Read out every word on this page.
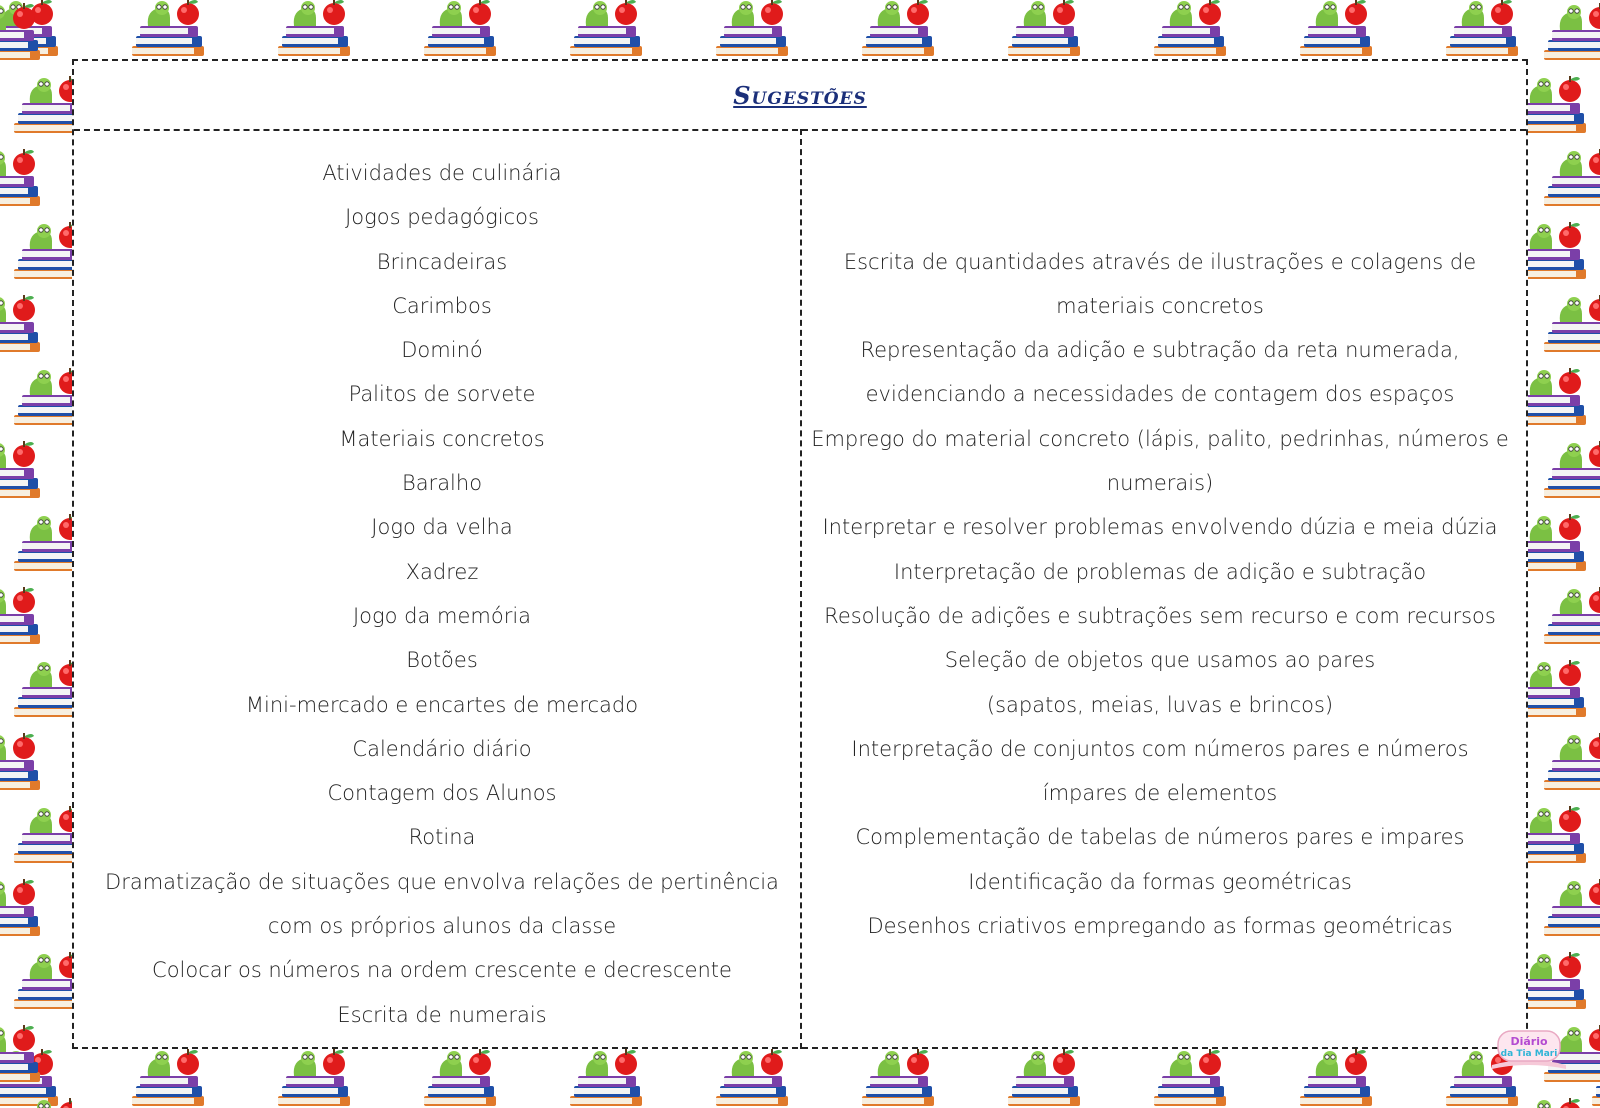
Sugestões
Atividades de culinária
Jogos pedagógicos
Brincadeiras
Carimbos
Dominó
Palitos de sorvete
Materiais concretos
Baralho
Jogo da velha
Xadrez
Jogo da memória
Botões
Mini-mercado e encartes de mercado
Calendário diário
Contagem dos Alunos
Rotina
Dramatização de situações que envolva relações de pertinência
com os próprios alunos da classe
Colocar os números na ordem crescente e decrescente
Escrita de numerais
Escrita de quantidades através de ilustrações e colagens de
materiais concretos
Representação da adição e subtração da reta numerada,
evidenciando a necessidades de contagem dos espaços
Emprego do material concreto (lápis, palito, pedrinhas, números e
numerais)
Interpretar e resolver problemas envolvendo dúzia e meia dúzia
Interpretação de problemas de adição e subtração
Resolução de adições e subtrações sem recurso e com recursos
Seleção de objetos que usamos ao pares
(sapatos, meias, luvas e brincos)
Interpretação de conjuntos com números pares e números
ímpares de elementos
Complementação de tabelas de números pares e impares
Identificação da formas geométricas
Desenhos criativos empregando as formas geométricas
Diário
da Tia Mari
